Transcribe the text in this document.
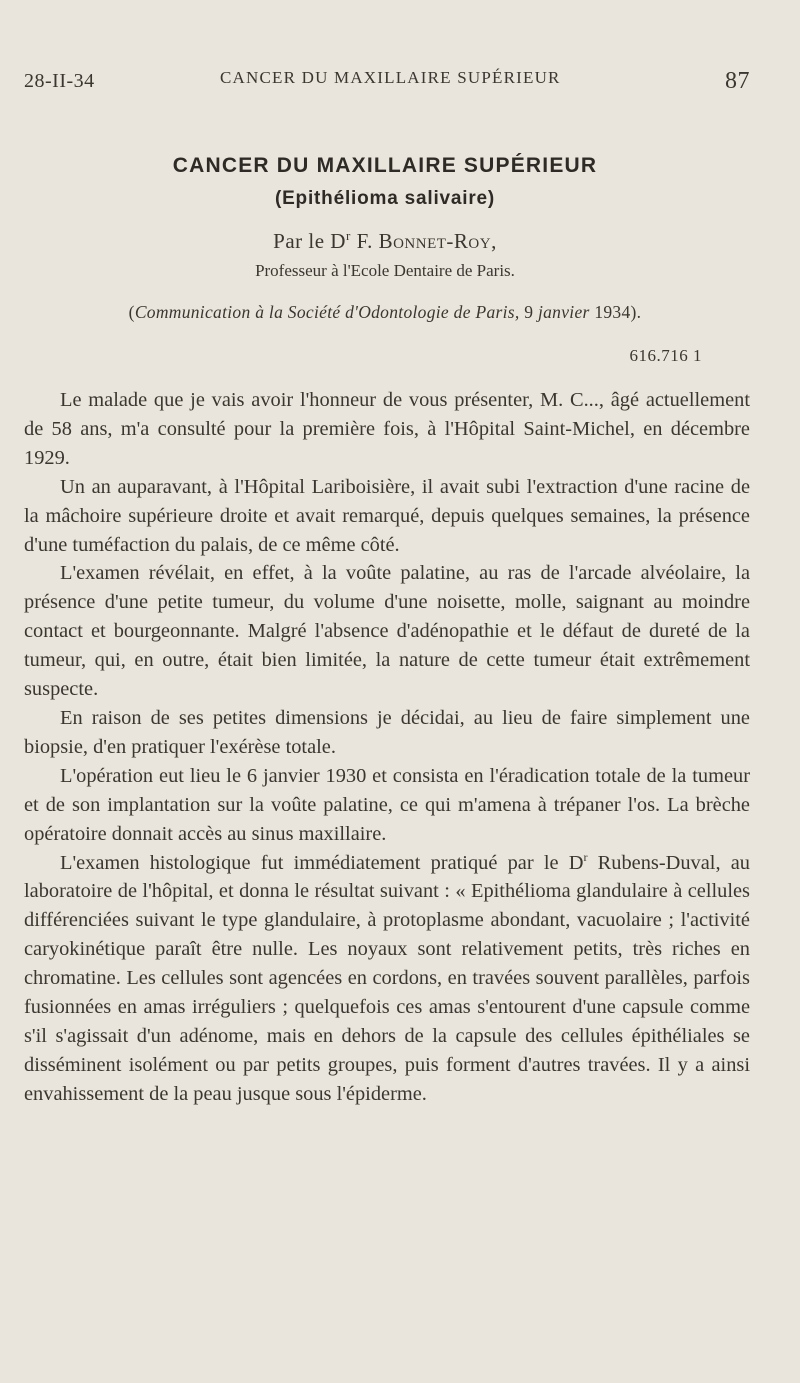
28-II-34	CANCER DU MAXILLAIRE SUPÉRIEUR	87
CANCER DU MAXILLAIRE SUPÉRIEUR
(Epithélioma salivaire)
Par le $D^r$ F. Bonnet-Roy,
Professeur à l'Ecole Dentaire de Paris.
(Communication à la Société d'Odontologie de Paris, 9 janvier 1934).
616.716 1

Le malade que je vais avoir l'honneur de vous présenter, M. C..., âgé actuellement de 58 ans, m'a consulté pour la première fois, à l'Hôpital Saint-Michel, en décembre 1929.

Un an auparavant, à l'Hôpital Lariboisière, il avait subi l'extraction d'une racine de la mâchoire supérieure droite et avait remarqué, depuis quelques semaines, la présence d'une tuméfaction du palais, de ce même côté.

L'examen révélait, en effet, à la voûte palatine, au ras de l'arcade alvéolaire, la présence d'une petite tumeur, du volume d'une noisette, molle, saignant au moindre contact et bourgeonnante. Malgré l'absence d'adénopathie et le défaut de dureté de la tumeur, qui, en outre, était bien limitée, la nature de cette tumeur était extrêmement suspecte.

En raison de ses petites dimensions je décidai, au lieu de faire simplement une biopsie, d'en pratiquer l'exérèse totale.

L'opération eut lieu le 6 janvier 1930 et consista en l'éradication totale de la tumeur et de son implantation sur la voûte palatine, ce qui m'amena à trépaner l'os. La brèche opératoire donnait accès au sinus maxillaire.

L'examen histologique fut immédiatement pratiqué par le $D^r$ Rubens-Duval, au laboratoire de l'hôpital, et donna le résultat suivant : « Epithélioma glandulaire à cellules différenciées suivant le type glandulaire, à protoplasme abondant, vacuolaire ; l'activité caryokinétique paraît être nulle. Les noyaux sont relativement petits, très riches en chromatine. Les cellules sont agencées en cordons, en travées souvent parallèles, parfois fusionnées en amas irréguliers ; quelquefois ces amas s'entourent d'une capsule comme s'il s'agissait d'un adénome, mais en dehors de la capsule des cellules épithéliales se disséminent isolément ou par petits groupes, puis forment d'autres travées. Il y a ainsi envahissement de la peau jusque sous l'épiderme.
